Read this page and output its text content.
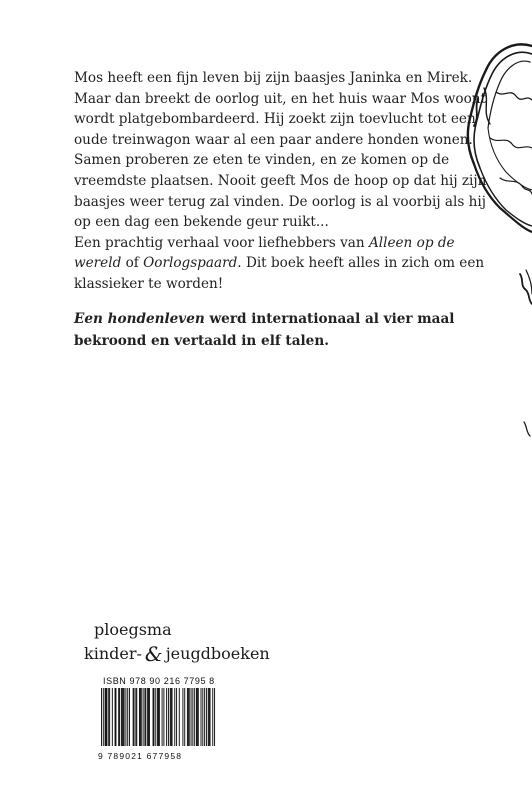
Mos heeft een fijn leven bij zijn baasjes Janinka en Mirek. Maar dan breekt de oorlog uit, en het huis waar Mos woont wordt platgebombardeerd. Hij zoekt zijn toevlucht tot een oude treinwagon waar al een paar andere honden wonen. Samen proberen ze eten te vinden, en ze komen op de vreemdste plaatsen. Nooit geeft Mos de hoop op dat hij zijn baasjes weer terug zal vinden. De oorlog is al voorbij als hij op een dag een bekende geur ruikt...

Een prachtig verhaal voor liefhebbers van Alleen op de wereld of Oorlogspaard. Dit boek heeft alles in zich om een klassieker te worden!

Een hondenleven werd internationaal al vier maal bekroond en vertaald in elf talen.

ploegsma
kinder- & jeugdboeken
ISBN 978 90 216 7795 8
9 789021 677958
